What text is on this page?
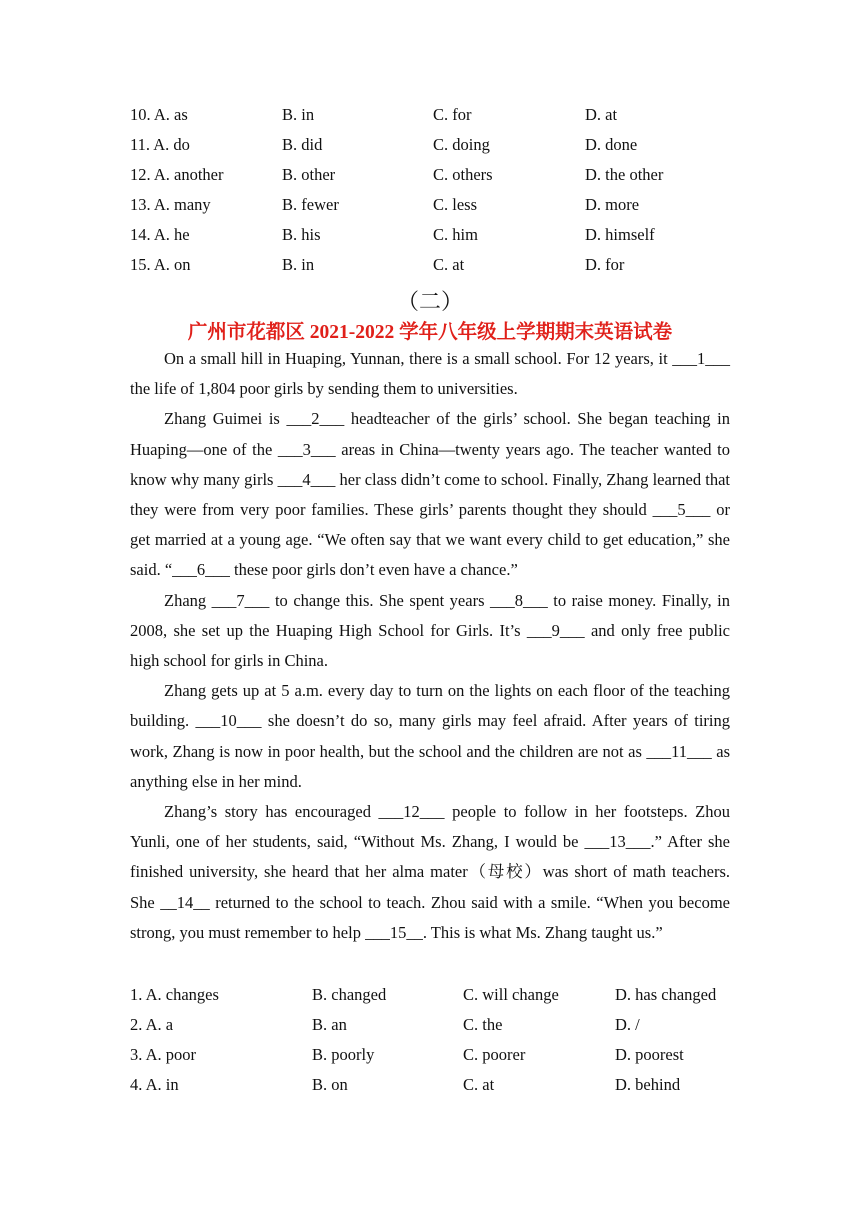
10. A. as	B. in	C. for	D. at
11. A. do	B. did	C. doing	D. done
12. A. another	B. other	C. others	D. the other
13. A. many	B. fewer	C. less	D. more
14. A. he	B. his	C. him	D. himself
15. A. on	B. in	C. at	D. for
（二）
广州市花都区 2021-2022 学年八年级上学期期末英语试卷

On a small hill in Huaping, Yunnan, there is a small school. For 12 years, it ___1___ the life of 1,804 poor girls by sending them to universities.

Zhang Guimei is ___2___ headteacher of the girls’ school. She began teaching in Huaping—one of the ___3___ areas in China—twenty years ago. The teacher wanted to know why many girls ___4___ her class didn’t come to school. Finally, Zhang learned that they were from very poor families. These girls’ parents thought they should ___5___ or get married at a young age. “We often say that we want every child to get education,” she said. “___6___ these poor girls don’t even have a chance.”

Zhang ___7___ to change this. She spent years ___8___ to raise money. Finally, in 2008, she set up the Huaping High School for Girls. It’s ___9___ and only free public high school for girls in China.

Zhang gets up at 5 a.m. every day to turn on the lights on each floor of the teaching building. ___10___ she doesn’t do so, many girls may feel afraid. After years of tiring work, Zhang is now in poor health, but the school and the children are not as ___11___ as anything else in her mind.

Zhang’s story has encouraged ___12___ people to follow in her footsteps. Zhou Yunli, one of her students, said, “Without Ms. Zhang, I would be ___13___.” After she finished university, she heard that her alma mater（母校）was short of math teachers. She __14__ returned to the school to teach. Zhou said with a smile. “When you become strong, you must remember to help ___15__. This is what Ms. Zhang taught us.”

1. A. changes	B. changed	C. will change	D. has changed
2. A. a	B. an	C. the	D. /
3. A. poor	B. poorly	C. poorer	D. poorest
4. A. in	B. on	C. at	D. behind
